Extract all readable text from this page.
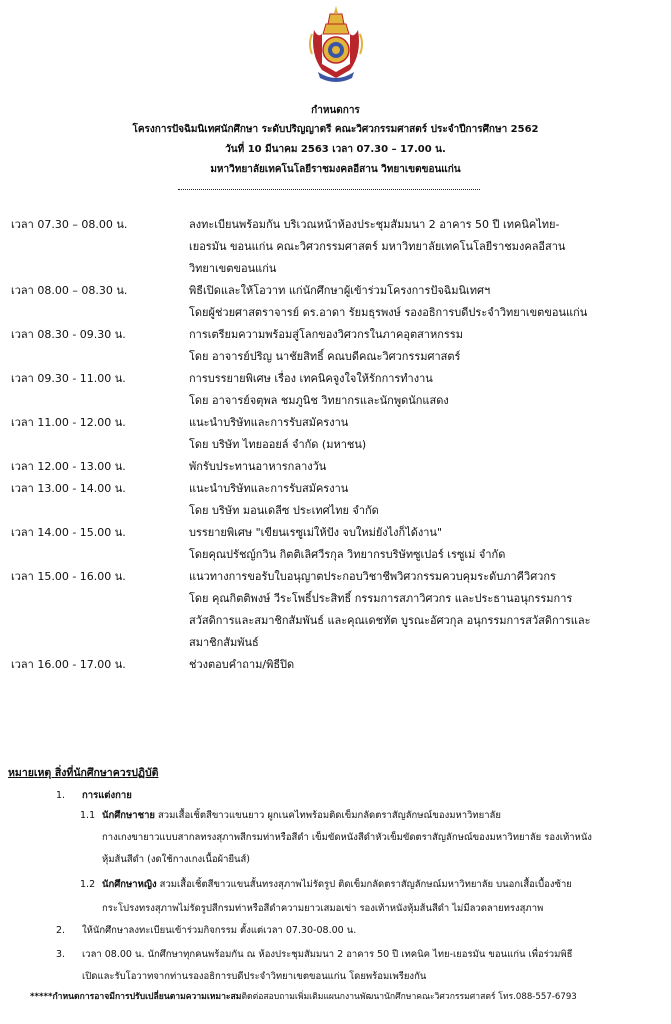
กำหนดการ
โครงการปัจฉิมนิเทศนักศึกษา ระดับปริญญาตรี คณะวิศวกรรมศาสตร์ ประจำปีการศึกษา 2562
วันที่ 10 มีนาคม 2563 เวลา 07.30 – 17.00 น.
มหาวิทยาลัยเทคโนโลยีราชมงคลอีสาน วิทยาเขตขอนแก่น
เวลา 07.30 – 08.00 น.	ลงทะเบียนพร้อมกัน บริเวณหน้าห้องประชุมสัมมนา 2 อาคาร 50 ปี เทคนิคไทย-
เยอรมัน ขอนแก่น คณะวิศวกรรมศาสตร์ มหาวิทยาลัยเทคโนโลยีราชมงคลอีสาน
วิทยาเขตขอนแก่น
เวลา 08.00 – 08.30 น.	พิธีเปิดและให้โอวาท แก่นักศึกษาผู้เข้าร่วมโครงการปัจฉิมนิเทศฯ
โดยผู้ช่วยศาสตราจารย์ ดร.อาดา รัยมธุรพงษ์ รองอธิการบดีประจำวิทยาเขตขอนแก่น
เวลา 08.30 - 09.30 น.	การเตรียมความพร้อมสู่โลกของวิศวกรในภาคอุตสาหกรรม
โดย อาจารย์ปริญ นาชัยสิทธิ์ คณบดีคณะวิศวกรรมศาสตร์
เวลา 09.30 - 11.00 น.	การบรรยายพิเศษ เรื่อง เทคนิคจูงใจให้รักการทำงาน
โดย อาจารย์จตุพล ชมภูนิช วิทยากรและนักพูดนักแสดง
เวลา 11.00 - 12.00 น.	แนะนำบริษัทและการรับสมัครงาน
โดย บริษัท ไทยออยล์ จำกัด (มหาชน)
เวลา 12.00 - 13.00 น.	พักรับประทานอาหารกลางวัน
เวลา 13.00 - 14.00 น.	แนะนำบริษัทและการรับสมัครงาน
โดย บริษัท มอนเดลีซ ประเทศไทย จำกัด
เวลา 14.00 - 15.00 น.	บรรยายพิเศษ "เขียนเรซูเม่ให้ปัง จบใหม่ยังไงก็ได้งาน"
โดยคุณปรัชญ์กวิน กิตติเลิศวีรกุล วิทยากรบริษัทซูเปอร์ เรซูเม่ จำกัด
เวลา 15.00 - 16.00 น.	แนวทางการขอรับใบอนุญาตประกอบวิชาชีพวิศวกรรมควบคุมระดับภาคีวิศวกร
โดย คุณกิตติพงษ์ วีระโพธิ์ประสิทธิ์ กรรมการสภาวิศวกร และประธานอนุกรรมการ
สวัสดิการและสมาชิกสัมพันธ์ และคุณเดชทัต บูรณะอัศวกุล อนุกรรมการสวัสดิการและ
สมาชิกสัมพันธ์
เวลา 16.00 - 17.00 น.	ช่วงตอบคำถาม/พิธีปิด
หมายเหตุ สิ่งที่นักศึกษาควรปฏิบัติ
1. การแต่งกาย
1.1 นักศึกษาชาย สวมเสื้อเชิ้ตสีขาวแขนยาว ผูกเนคไทพร้อมติดเข็มกลัดตราสัญลักษณ์ของมหาวิทยาลัย
กางเกงขายาวแบบสากลทรงสุภาพสีกรมท่าหรือสีดำ เข็มขัดหนังสีดำหัวเข็มขัดตราสัญลักษณ์ของมหาวิทยาลัย รองเท้าหนัง
หุ้มส้นสีดำ (งดใช้กางเกงเนื้อผ้ายีนส์)
1.2 นักศึกษาหญิง สวมเสื้อเชิ้ตสีขาวแขนสั้นทรงสุภาพไม่รัดรูป ติดเข็มกลัดตราสัญลักษณ์มหาวิทยาลัย บนอกเสื้อเบื้องซ้าย
กระโปรงทรงสุภาพไม่รัดรูปสีกรมท่าหรือสีดำความยาวเสมอเข่า รองเท้าหนังหุ้มส้นสีดำ ไม่มีลวดลายทรงสุภาพ
2. ให้นักศึกษาลงทะเบียนเข้าร่วมกิจกรรม ตั้งแต่เวลา 07.30-08.00 น.
3. เวลา 08.00 น. นักศึกษาทุกคนพร้อมกัน ณ ห้องประชุมสัมมนา 2 อาคาร 50 ปี เทคนิค ไทย-เยอรมัน ขอนแก่น เพื่อร่วมพิธี
เปิดและรับโอวาทจากท่านรองอธิการบดีประจำวิทยาเขตขอนแก่น โดยพร้อมเพรียงกัน
*****กำหนดการอาจมีการปรับเปลี่ยนตามความเหมาะสมติดต่อสอบถามเพิ่มเติมแผนกงานพัฒนานักศึกษาคณะวิศวกรรมศาสตร์ โทร.088-557-6793
